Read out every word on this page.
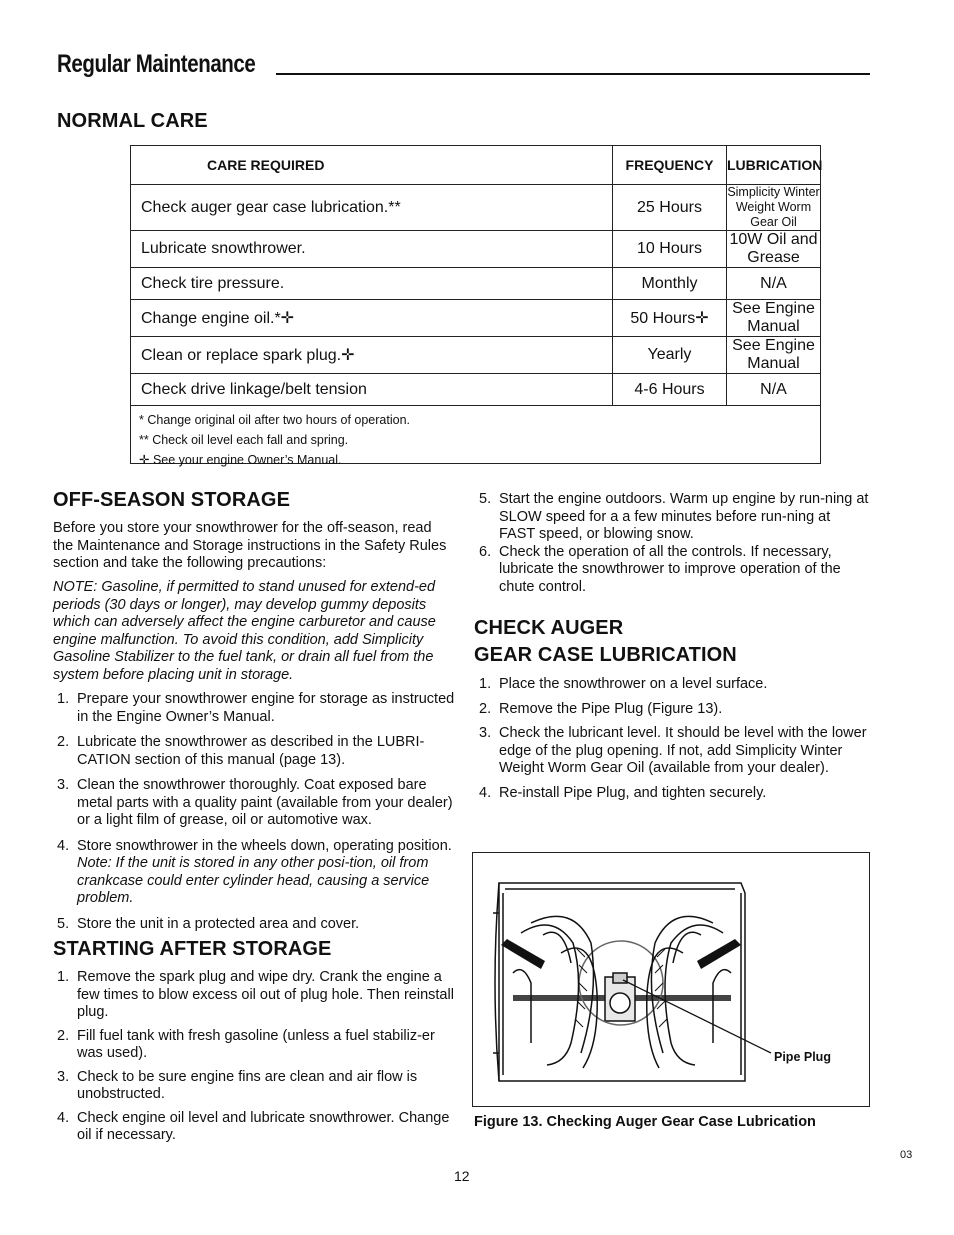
Regular Maintenance
NORMAL CARE
CARE REQUIRED	FREQUENCY	LUBRICATION
Check auger gear case lubrication.**	25 Hours	Simplicity Winter Weight Worm Gear Oil
Lubricate snowthrower.	10 Hours	10W Oil and Grease
Check tire pressure.	Monthly	N/A
Change engine oil.*✛	50 Hours✛	See Engine Manual
Clean or replace spark plug.✛	Yearly	See Engine Manual
Check drive linkage/belt tension	4-6 Hours	N/A
* Change original oil after two hours of operation.
** Check oil level each fall and spring.
✛ See your engine Owner’s Manual.
OFF-SEASON STORAGE
Before you store your snowthrower for the off-season, read the Maintenance and Storage instructions in the Safety Rules section and take the following precautions:
NOTE: Gasoline, if permitted to stand unused for extend-ed periods (30 days or longer), may develop gummy deposits which can adversely affect the engine carburetor and cause engine malfunction. To avoid this condition, add Simplicity Gasoline Stabilizer to the fuel tank, or drain all fuel from the system before placing unit in storage.
1. Prepare your snowthrower engine for storage as instructed in the Engine Owner’s Manual.
2. Lubricate the snowthrower as described in the LUBRI-CATION section of this manual (page 13).
3. Clean the snowthrower thoroughly. Coat exposed bare metal parts with a quality paint (available from your dealer) or a light film of grease, oil or automotive wax.
4. Store snowthrower in the wheels down, operating position. Note: If the unit is stored in any other posi-tion, oil from crankcase could enter cylinder head, causing a service problem.
5. Store the unit in a protected area and cover.
STARTING AFTER STORAGE
1. Remove the spark plug and wipe dry. Crank the engine a few times to blow excess oil out of plug hole. Then reinstall plug.
2. Fill fuel tank with fresh gasoline (unless a fuel stabiliz-er was used).
3. Check to be sure engine fins are clean and air flow is unobstructed.
4. Check engine oil level and lubricate snowthrower. Change oil if necessary.
5. Start the engine outdoors. Warm up engine by run-ning at SLOW speed for a a few minutes before run-ning at FAST speed, or blowing snow.
6. Check the operation of all the controls. If necessary, lubricate the snowthrower to improve operation of the chute control.
CHECK AUGER
GEAR CASE LUBRICATION
1. Place the snowthrower on a level surface.
2. Remove the Pipe Plug (Figure 13).
3. Check the lubricant level. It should be level with the lower edge of the plug opening. If not, add Simplicity Winter Weight Worm Gear Oil (available from your dealer).
4. Re-install Pipe Plug, and tighten securely.
Pipe Plug
Figure 13. Checking Auger Gear Case Lubrication
03
12
